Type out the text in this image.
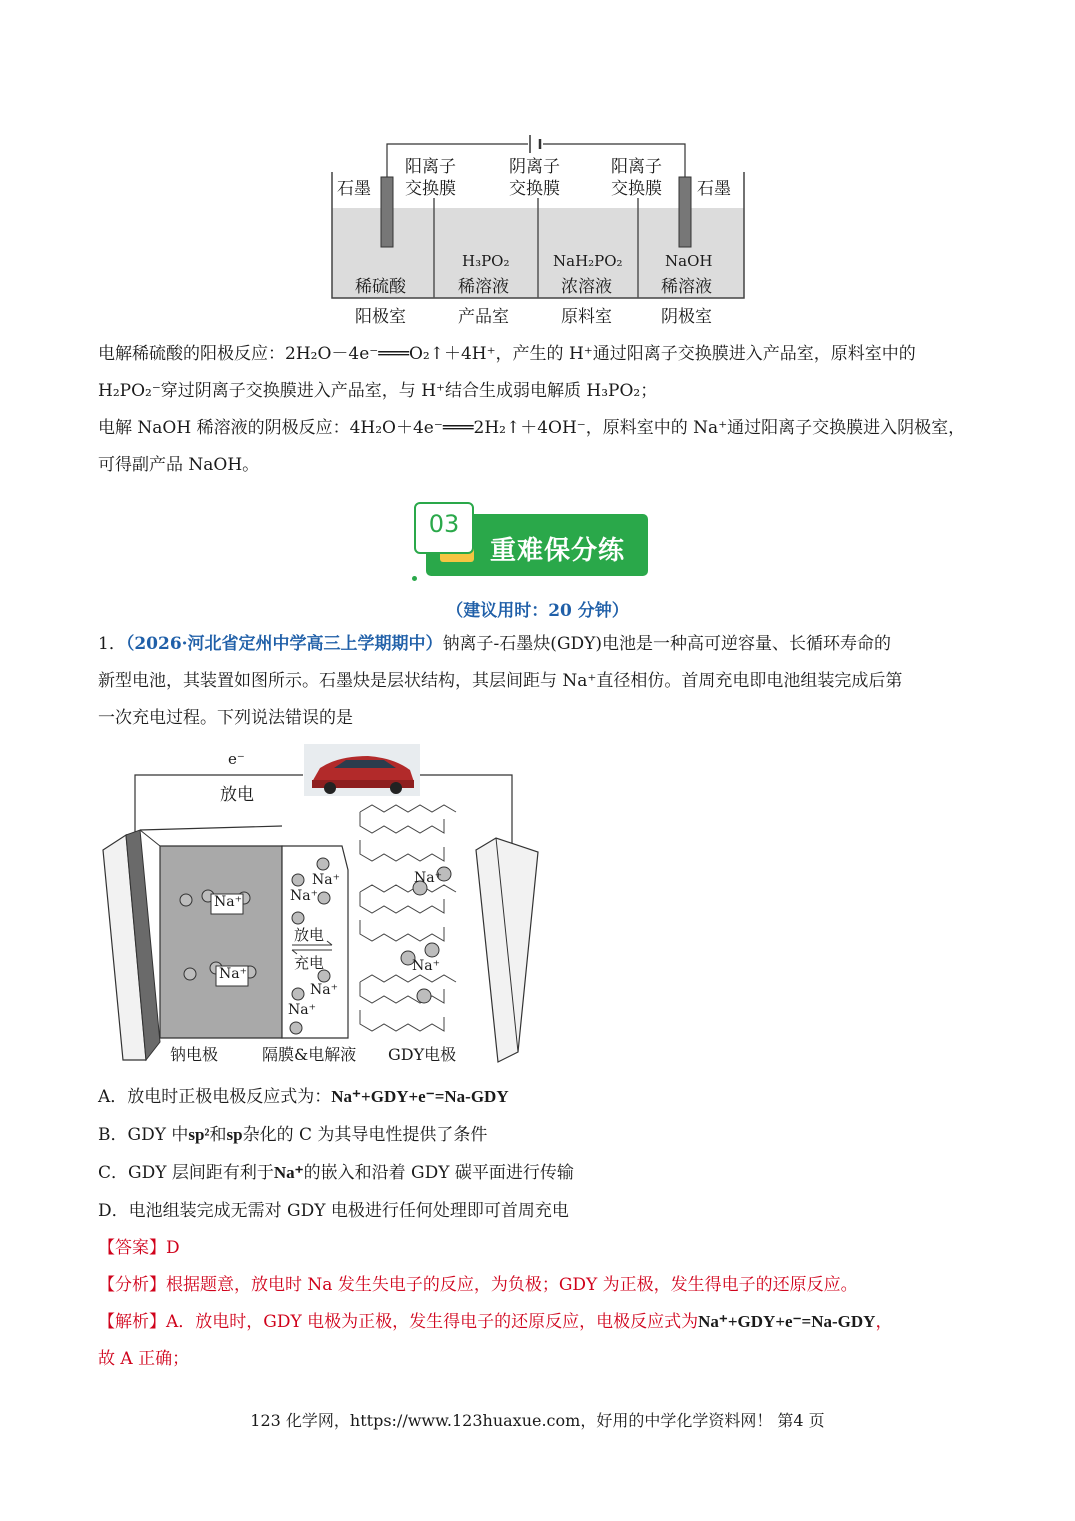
石墨	石墨
阳离子
交换膜
阴离子
交换膜
阳离子
交换膜
稀硫酸
H₃PO₂
稀溶液
NaH₂PO₂
浓溶液
NaOH
稀溶液
阳极室	产品室	原料室	阴极室
电解稀硫酸的阳极反应：2H₂O－4e⁻═══O₂↑＋4H⁺，产生的 H⁺通过阳离子交换膜进入产品室，原料室中的
H₂PO₂⁻穿过阴离子交换膜进入产品室，与 H⁺结合生成弱电解质 H₃PO₂；
电解 NaOH 稀溶液的阴极反应：4H₂O＋4e⁻═══2H₂↑＋4OH⁻，原料室中的 Na⁺通过阳离子交换膜进入阴极室，
可得副产品 NaOH。
03
重难保分练
（建议用时：20 分钟）
1．（2026·河北省定州中学高三上学期期中）钠离子-石墨炔(GDY)电池是一种高可逆容量、长循环寿命的
新型电池，其装置如图所示。石墨炔是层状结构，其层间距与 Na⁺直径相仿。首周充电即电池组装完成后第
一次充电过程。下列说法错误的是
e⁻
放电
Na⁺
Na⁺
Na⁺
Na⁺
Na⁺
Na⁺
Na⁺
Na⁺
放电
充电
钠电极	隔膜&电解液 GDY电极
A．放电时正极电极反应式为：Na⁺+GDY+e⁻=Na-GDY
B．GDY 中sp²和sp杂化的 C 为其导电性提供了条件
C．GDY 层间距有利于Na⁺的嵌入和沿着 GDY 碳平面进行传输
D．电池组装完成无需对 GDY 电极进行任何处理即可首周充电
【答案】D
【分析】根据题意，放电时 Na 发生失电子的反应，为负极；GDY 为正极，发生得电子的还原反应。
【解析】A．放电时，GDY 电极为正极，发生得电子的还原反应，电极反应式为Na⁺+GDY+e⁻=Na-GDY，
故 A 正确；
123 化学网，https://www.123huaxue.com，好用的中学化学资料网！ 第4 页
